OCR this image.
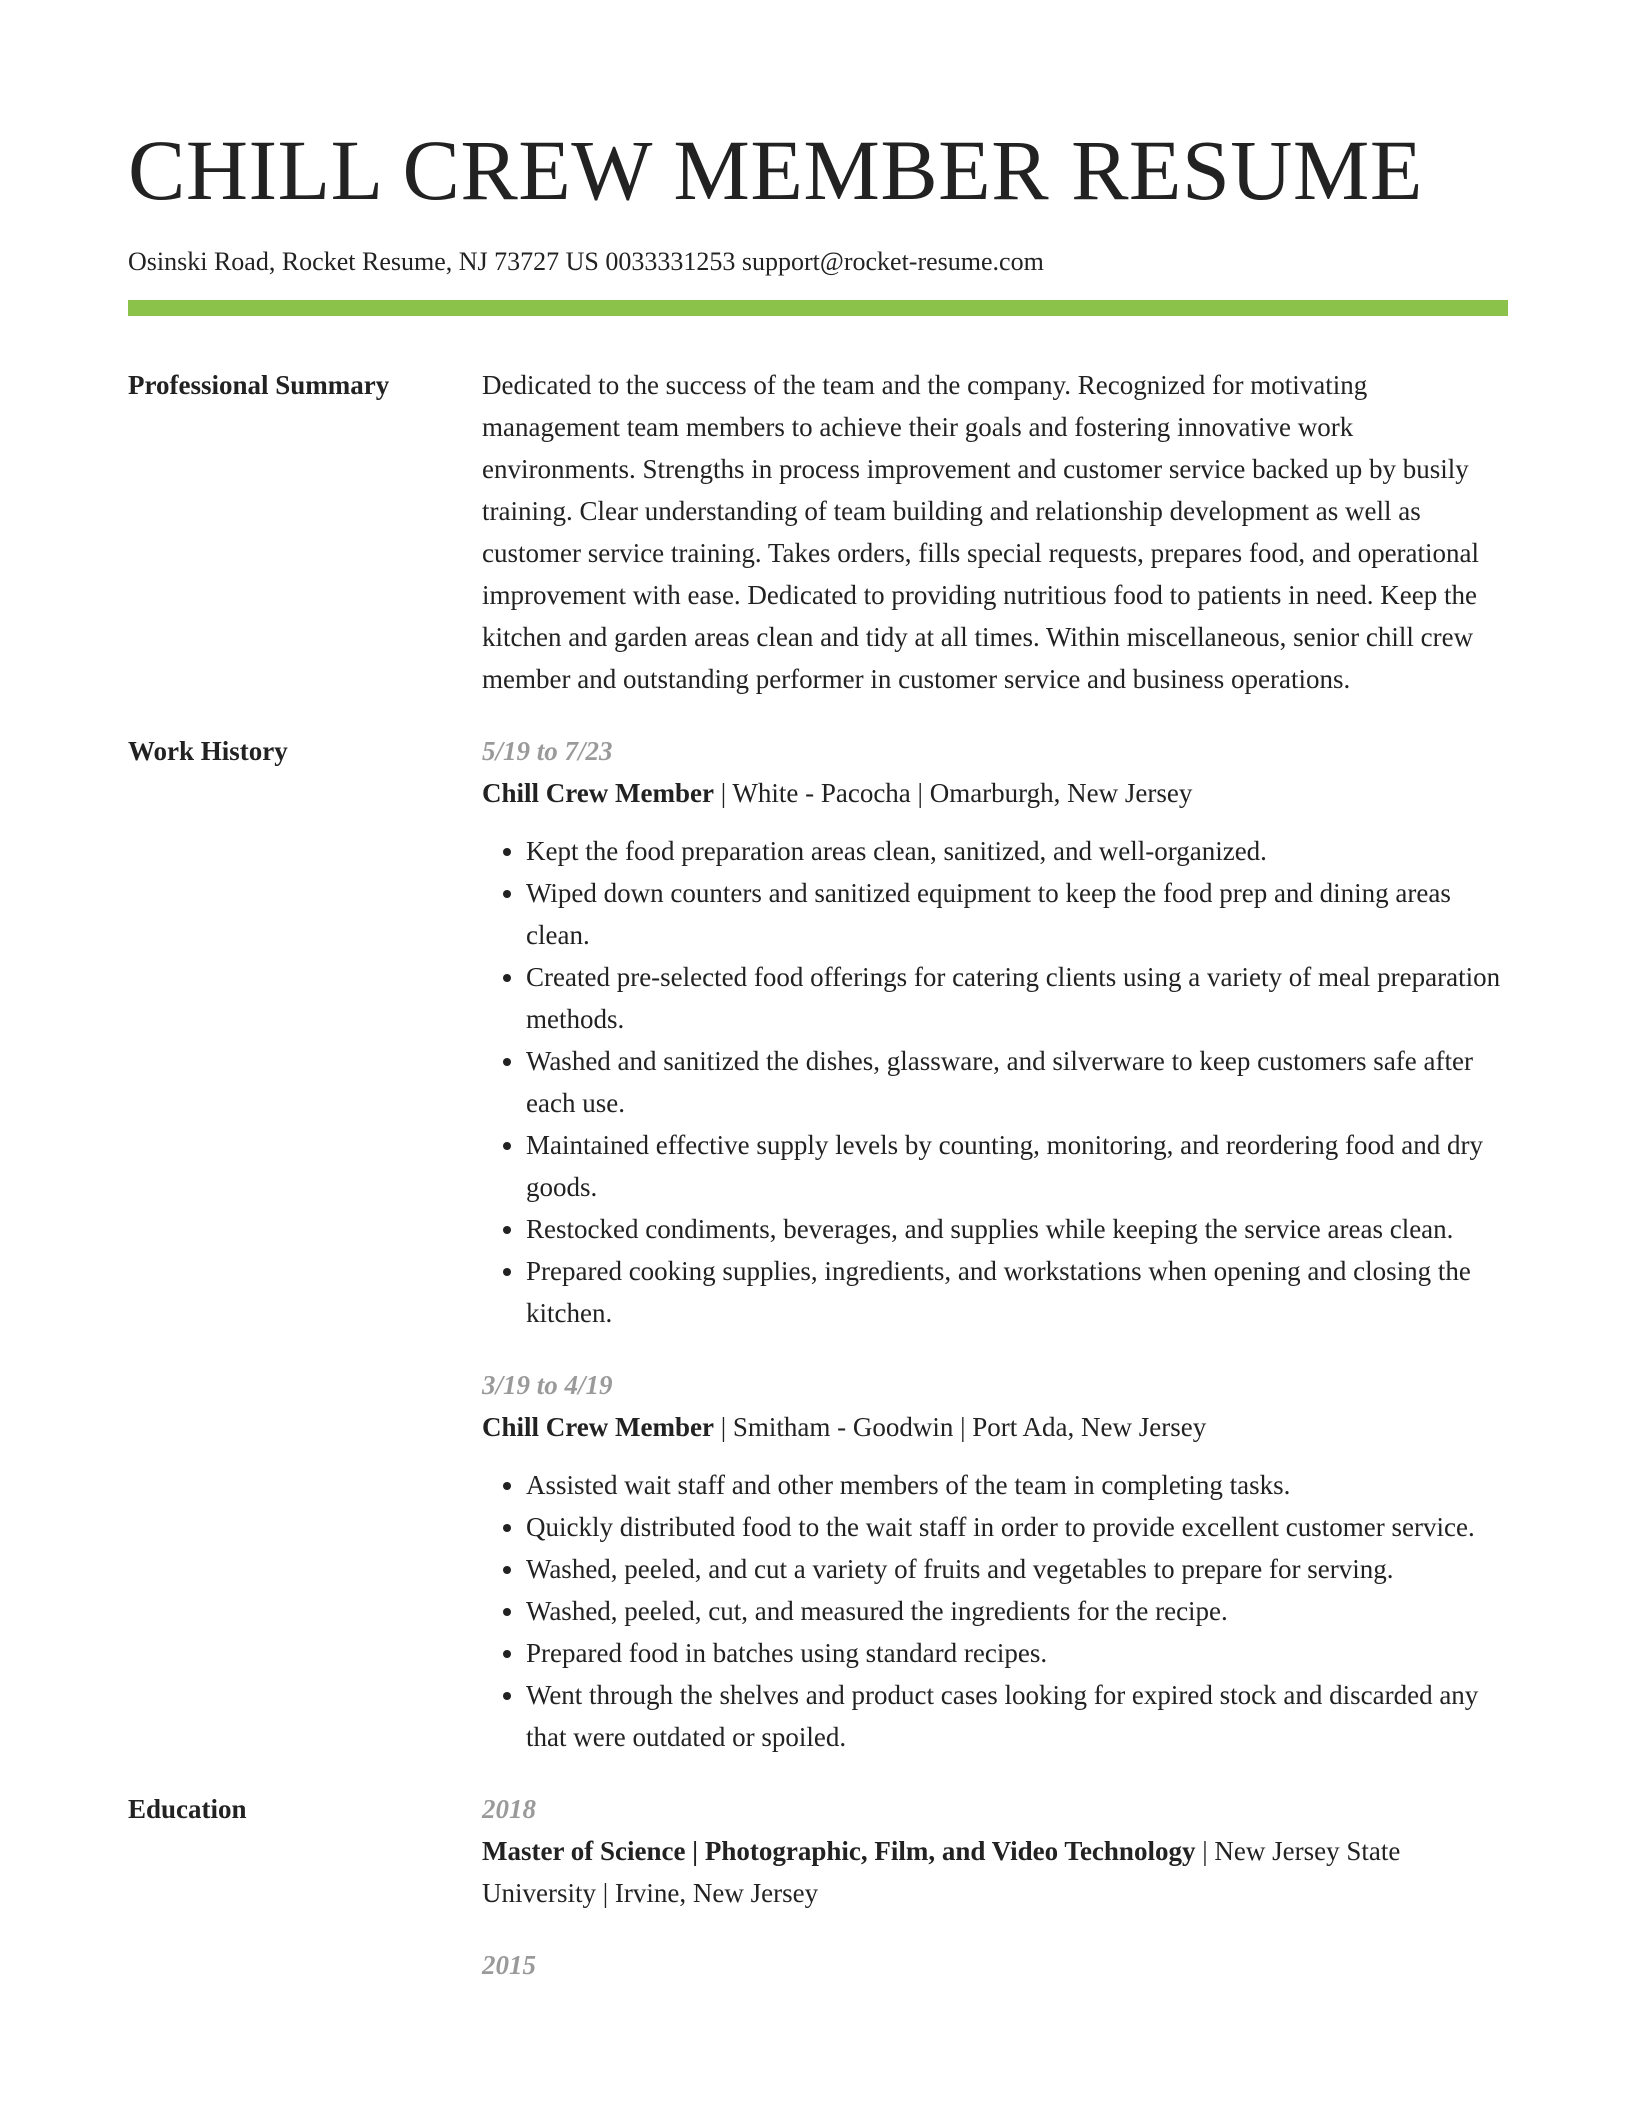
CHILL CREW MEMBER RESUME
Osinski Road, Rocket Resume, NJ 73727 US 0033331253 support@rocket-resume.com
Professional Summary	Dedicated to the success of the team and the company. Recognized for motivating management team members to achieve their goals and fostering innovative work environments. Strengths in process improvement and customer service backed up by busily training. Clear understanding of team building and relationship development as well as customer service training. Takes orders, fills special requests, prepares food, and operational improvement with ease. Dedicated to providing nutritious food to patients in need. Keep the kitchen and garden areas clean and tidy at all times. Within miscellaneous, senior chill crew member and outstanding performer in customer service and business operations.

Work History	5/19 to 7/23
Chill Crew Member | White - Pacocha | Omarburgh, New Jersey
• Kept the food preparation areas clean, sanitized, and well-organized.
• Wiped down counters and sanitized equipment to keep the food prep and dining areas clean.
• Created pre-selected food offerings for catering clients using a variety of meal preparation methods.
• Washed and sanitized the dishes, glassware, and silverware to keep customers safe after each use.
• Maintained effective supply levels by counting, monitoring, and reordering food and dry goods.
• Restocked condiments, beverages, and supplies while keeping the service areas clean.
• Prepared cooking supplies, ingredients, and workstations when opening and closing the kitchen.
3/19 to 4/19
Chill Crew Member | Smitham - Goodwin | Port Ada, New Jersey
• Assisted wait staff and other members of the team in completing tasks.
• Quickly distributed food to the wait staff in order to provide excellent customer service.
• Washed, peeled, and cut a variety of fruits and vegetables to prepare for serving.
• Washed, peeled, cut, and measured the ingredients for the recipe.
• Prepared food in batches using standard recipes.
• Went through the shelves and product cases looking for expired stock and discarded any that were outdated or spoiled.
Education	2018
Master of Science | Photographic, Film, and Video Technology | New Jersey State University | Irvine, New Jersey
2015
